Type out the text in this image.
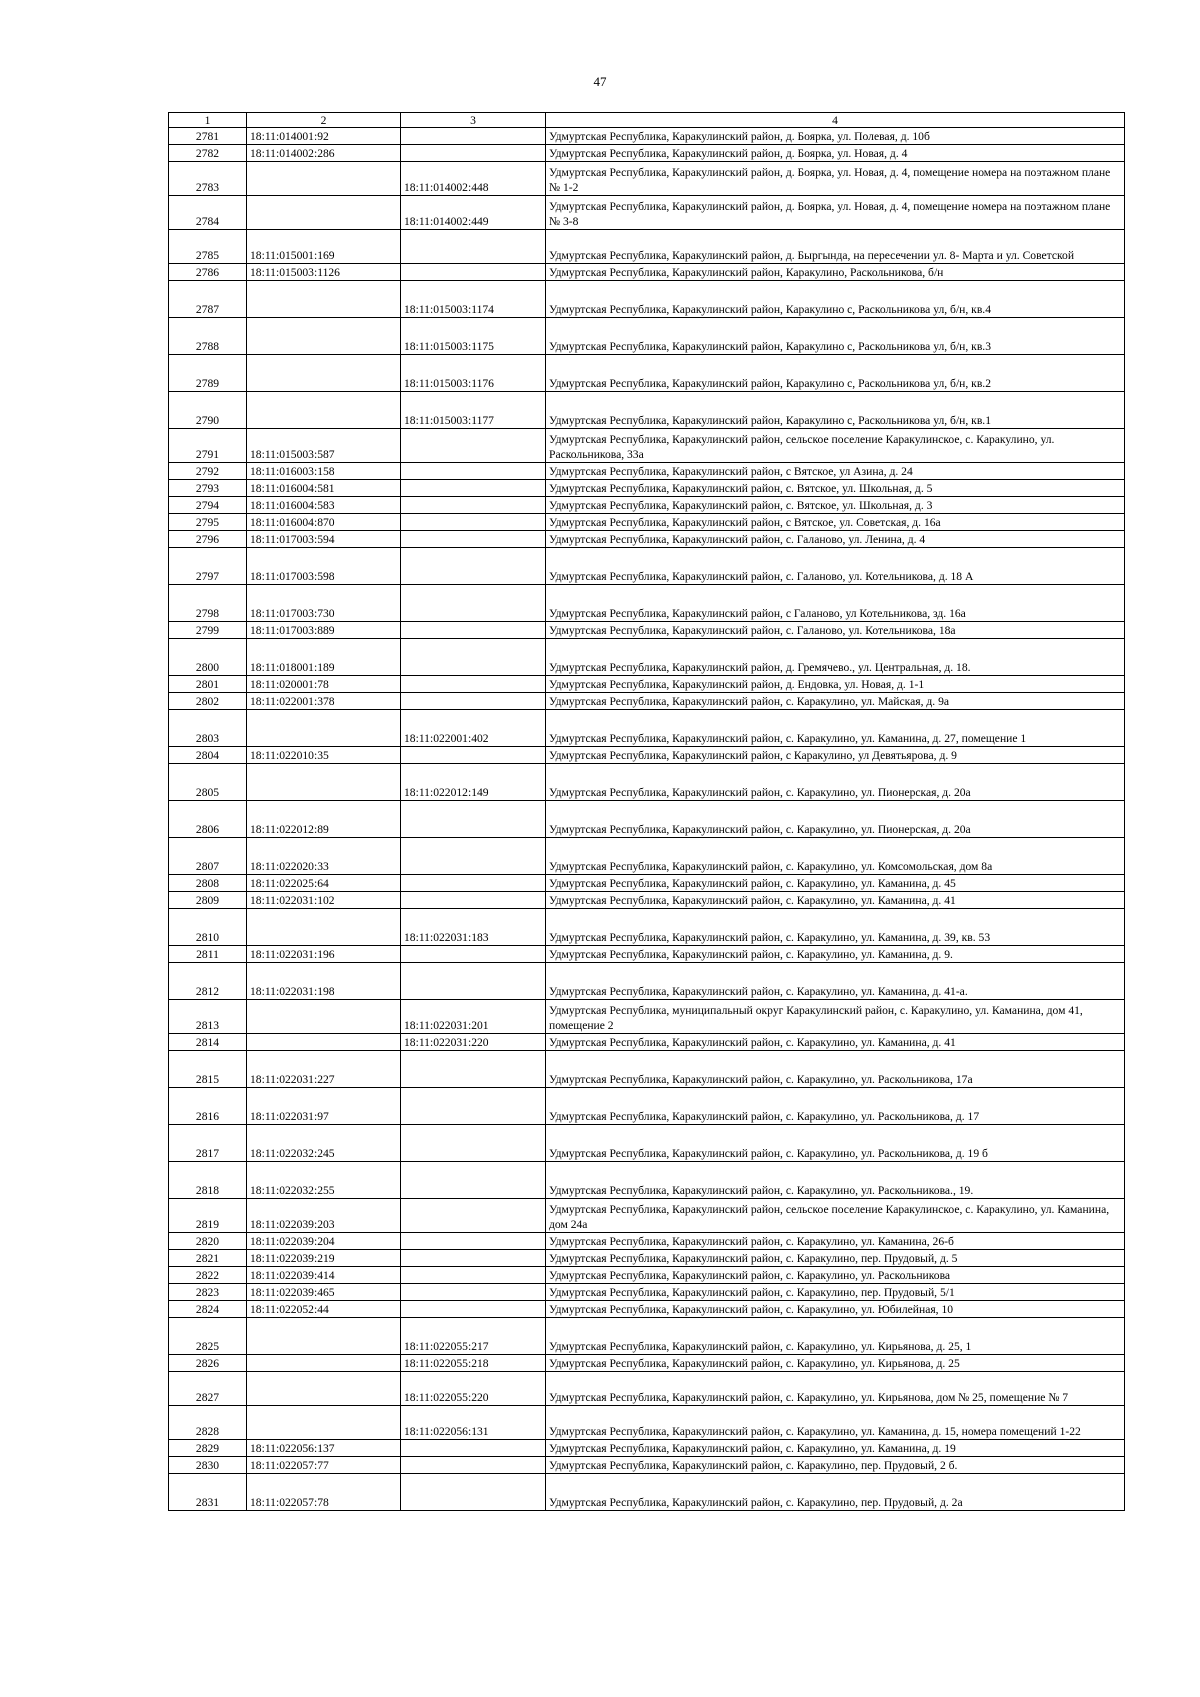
47
1	2	3	4
2781	18:11:014001:92		Удмуртская Республика, Каракулинский район, д. Боярка, ул. Полевая, д. 10б
2782	18:11:014002:286		Удмуртская Республика, Каракулинский район, д. Боярка, ул. Новая, д. 4
2783		18:11:014002:448	Удмуртская Республика, Каракулинский район, д. Боярка, ул. Новая, д. 4, помещение номера на поэтажном плане № 1-2
2784		18:11:014002:449	Удмуртская Республика, Каракулинский район, д. Боярка, ул. Новая, д. 4, помещение номера на поэтажном плане № 3-8
2785	18:11:015001:169		Удмуртская Республика, Каракулинский район, д. Быргында, на пересечении ул. 8- Марта и ул. Советской
2786	18:11:015003:1126		Удмуртская Республика, Каракулинский район, Каракулино, Раскольникова, б/н
2787		18:11:015003:1174	Удмуртская Республика, Каракулинский район, Каракулино с, Раскольникова ул, б/н, кв.4
2788		18:11:015003:1175	Удмуртская Республика, Каракулинский район, Каракулино с, Раскольникова ул, б/н, кв.3
2789		18:11:015003:1176	Удмуртская Республика, Каракулинский район, Каракулино с, Раскольникова ул, б/н, кв.2
2790		18:11:015003:1177	Удмуртская Республика, Каракулинский район, Каракулино с, Раскольникова ул, б/н, кв.1
2791	18:11:015003:587		Удмуртская Республика, Каракулинский район, сельское поселение Каракулинское, с. Каракулино, ул. Раскольникова, 33а
2792	18:11:016003:158		Удмуртская Республика, Каракулинский район, с Вятское, ул Азина, д. 24
2793	18:11:016004:581		Удмуртская Республика, Каракулинский район, с. Вятское, ул. Школьная, д. 5
2794	18:11:016004:583		Удмуртская Республика, Каракулинский район, с. Вятское, ул. Школьная, д. 3
2795	18:11:016004:870		Удмуртская Республика, Каракулинский район, с Вятское, ул. Советская, д. 16а
2796	18:11:017003:594		Удмуртская Республика, Каракулинский район, с. Галаново, ул. Ленина, д. 4
2797	18:11:017003:598		Удмуртская Республика, Каракулинский район, с. Галаново, ул. Котельникова, д. 18 А
2798	18:11:017003:730		Удмуртская Республика, Каракулинский район, с Галаново, ул Котельникова, зд. 16а
2799	18:11:017003:889		Удмуртская Республика, Каракулинский район, с. Галаново, ул. Котельникова, 18а
2800	18:11:018001:189		Удмуртская Республика, Каракулинский район, д. Гремячево., ул. Центральная, д. 18.
2801	18:11:020001:78		Удмуртская Республика, Каракулинский район, д. Ендовка, ул. Новая, д. 1-1
2802	18:11:022001:378		Удмуртская Республика, Каракулинский район, с. Каракулино, ул. Майская, д. 9а
2803		18:11:022001:402	Удмуртская Республика, Каракулинский район, с. Каракулино, ул. Каманина, д. 27, помещение 1
2804	18:11:022010:35		Удмуртская Республика, Каракулинский район, с Каракулино, ул Девятьярова, д. 9
2805		18:11:022012:149	Удмуртская Республика, Каракулинский район, с. Каракулино, ул. Пионерская, д. 20а
2806	18:11:022012:89		Удмуртская Республика, Каракулинский район, с. Каракулино, ул. Пионерская, д. 20а
2807	18:11:022020:33		Удмуртская Республика, Каракулинский район, с. Каракулино, ул. Комсомольская, дом 8а
2808	18:11:022025:64		Удмуртская Республика, Каракулинский район, с. Каракулино, ул. Каманина, д. 45
2809	18:11:022031:102		Удмуртская Республика, Каракулинский район, с. Каракулино, ул. Каманина, д. 41
2810		18:11:022031:183	Удмуртская Республика, Каракулинский район, с. Каракулино, ул. Каманина, д. 39, кв. 53
2811	18:11:022031:196		Удмуртская Республика, Каракулинский район, с. Каракулино, ул. Каманина, д. 9.
2812	18:11:022031:198		Удмуртская Республика, Каракулинский район, с. Каракулино, ул. Каманина, д. 41-а.
2813		18:11:022031:201	Удмуртская Республика, муниципальный округ Каракулинский район, с. Каракулино, ул. Каманина, дом 41, помещение 2
2814		18:11:022031:220	Удмуртская Республика, Каракулинский район, с. Каракулино, ул. Каманина, д. 41
2815	18:11:022031:227		Удмуртская Республика, Каракулинский район, с. Каракулино, ул. Раскольникова, 17а
2816	18:11:022031:97		Удмуртская Республика, Каракулинский район, с. Каракулино, ул. Раскольникова, д. 17
2817	18:11:022032:245		Удмуртская Республика, Каракулинский район, с. Каракулино, ул. Раскольникова, д. 19 б
2818	18:11:022032:255		Удмуртская Республика, Каракулинский район, с. Каракулино, ул. Раскольникова., 19.
2819	18:11:022039:203		Удмуртская Республика, Каракулинский район, сельское поселение Каракулинское, с. Каракулино, ул. Каманина, дом 24а
2820	18:11:022039:204		Удмуртская Республика, Каракулинский район, с. Каракулино, ул. Каманина, 26-б
2821	18:11:022039:219		Удмуртская Республика, Каракулинский район, с. Каракулино, пер. Прудовый, д. 5
2822	18:11:022039:414		Удмуртская Республика, Каракулинский район, с. Каракулино, ул. Раскольникова
2823	18:11:022039:465		Удмуртская Республика, Каракулинский район, с. Каракулино, пер. Прудовый, 5/1
2824	18:11:022052:44		Удмуртская Республика, Каракулинский район, с. Каракулино, ул. Юбилейная, 10
2825		18:11:022055:217	Удмуртская Республика, Каракулинский район, с. Каракулино, ул. Кирьянова, д. 25, 1
2826		18:11:022055:218	Удмуртская Республика, Каракулинский район, с. Каракулино, ул. Кирьянова, д. 25
2827		18:11:022055:220	Удмуртская Республика, Каракулинский район, с. Каракулино, ул. Кирьянова, дом № 25, помещение № 7
2828		18:11:022056:131	Удмуртская Республика, Каракулинский район, с. Каракулино, ул. Каманина, д. 15, номера помещений 1-22
2829	18:11:022056:137		Удмуртская Республика, Каракулинский район, с. Каракулино, ул. Каманина, д. 19
2830	18:11:022057:77		Удмуртская Республика, Каракулинский район, с. Каракулино, пер. Прудовый, 2 б.
2831	18:11:022057:78		Удмуртская Республика, Каракулинский район, с. Каракулино, пер. Прудовый, д. 2а
